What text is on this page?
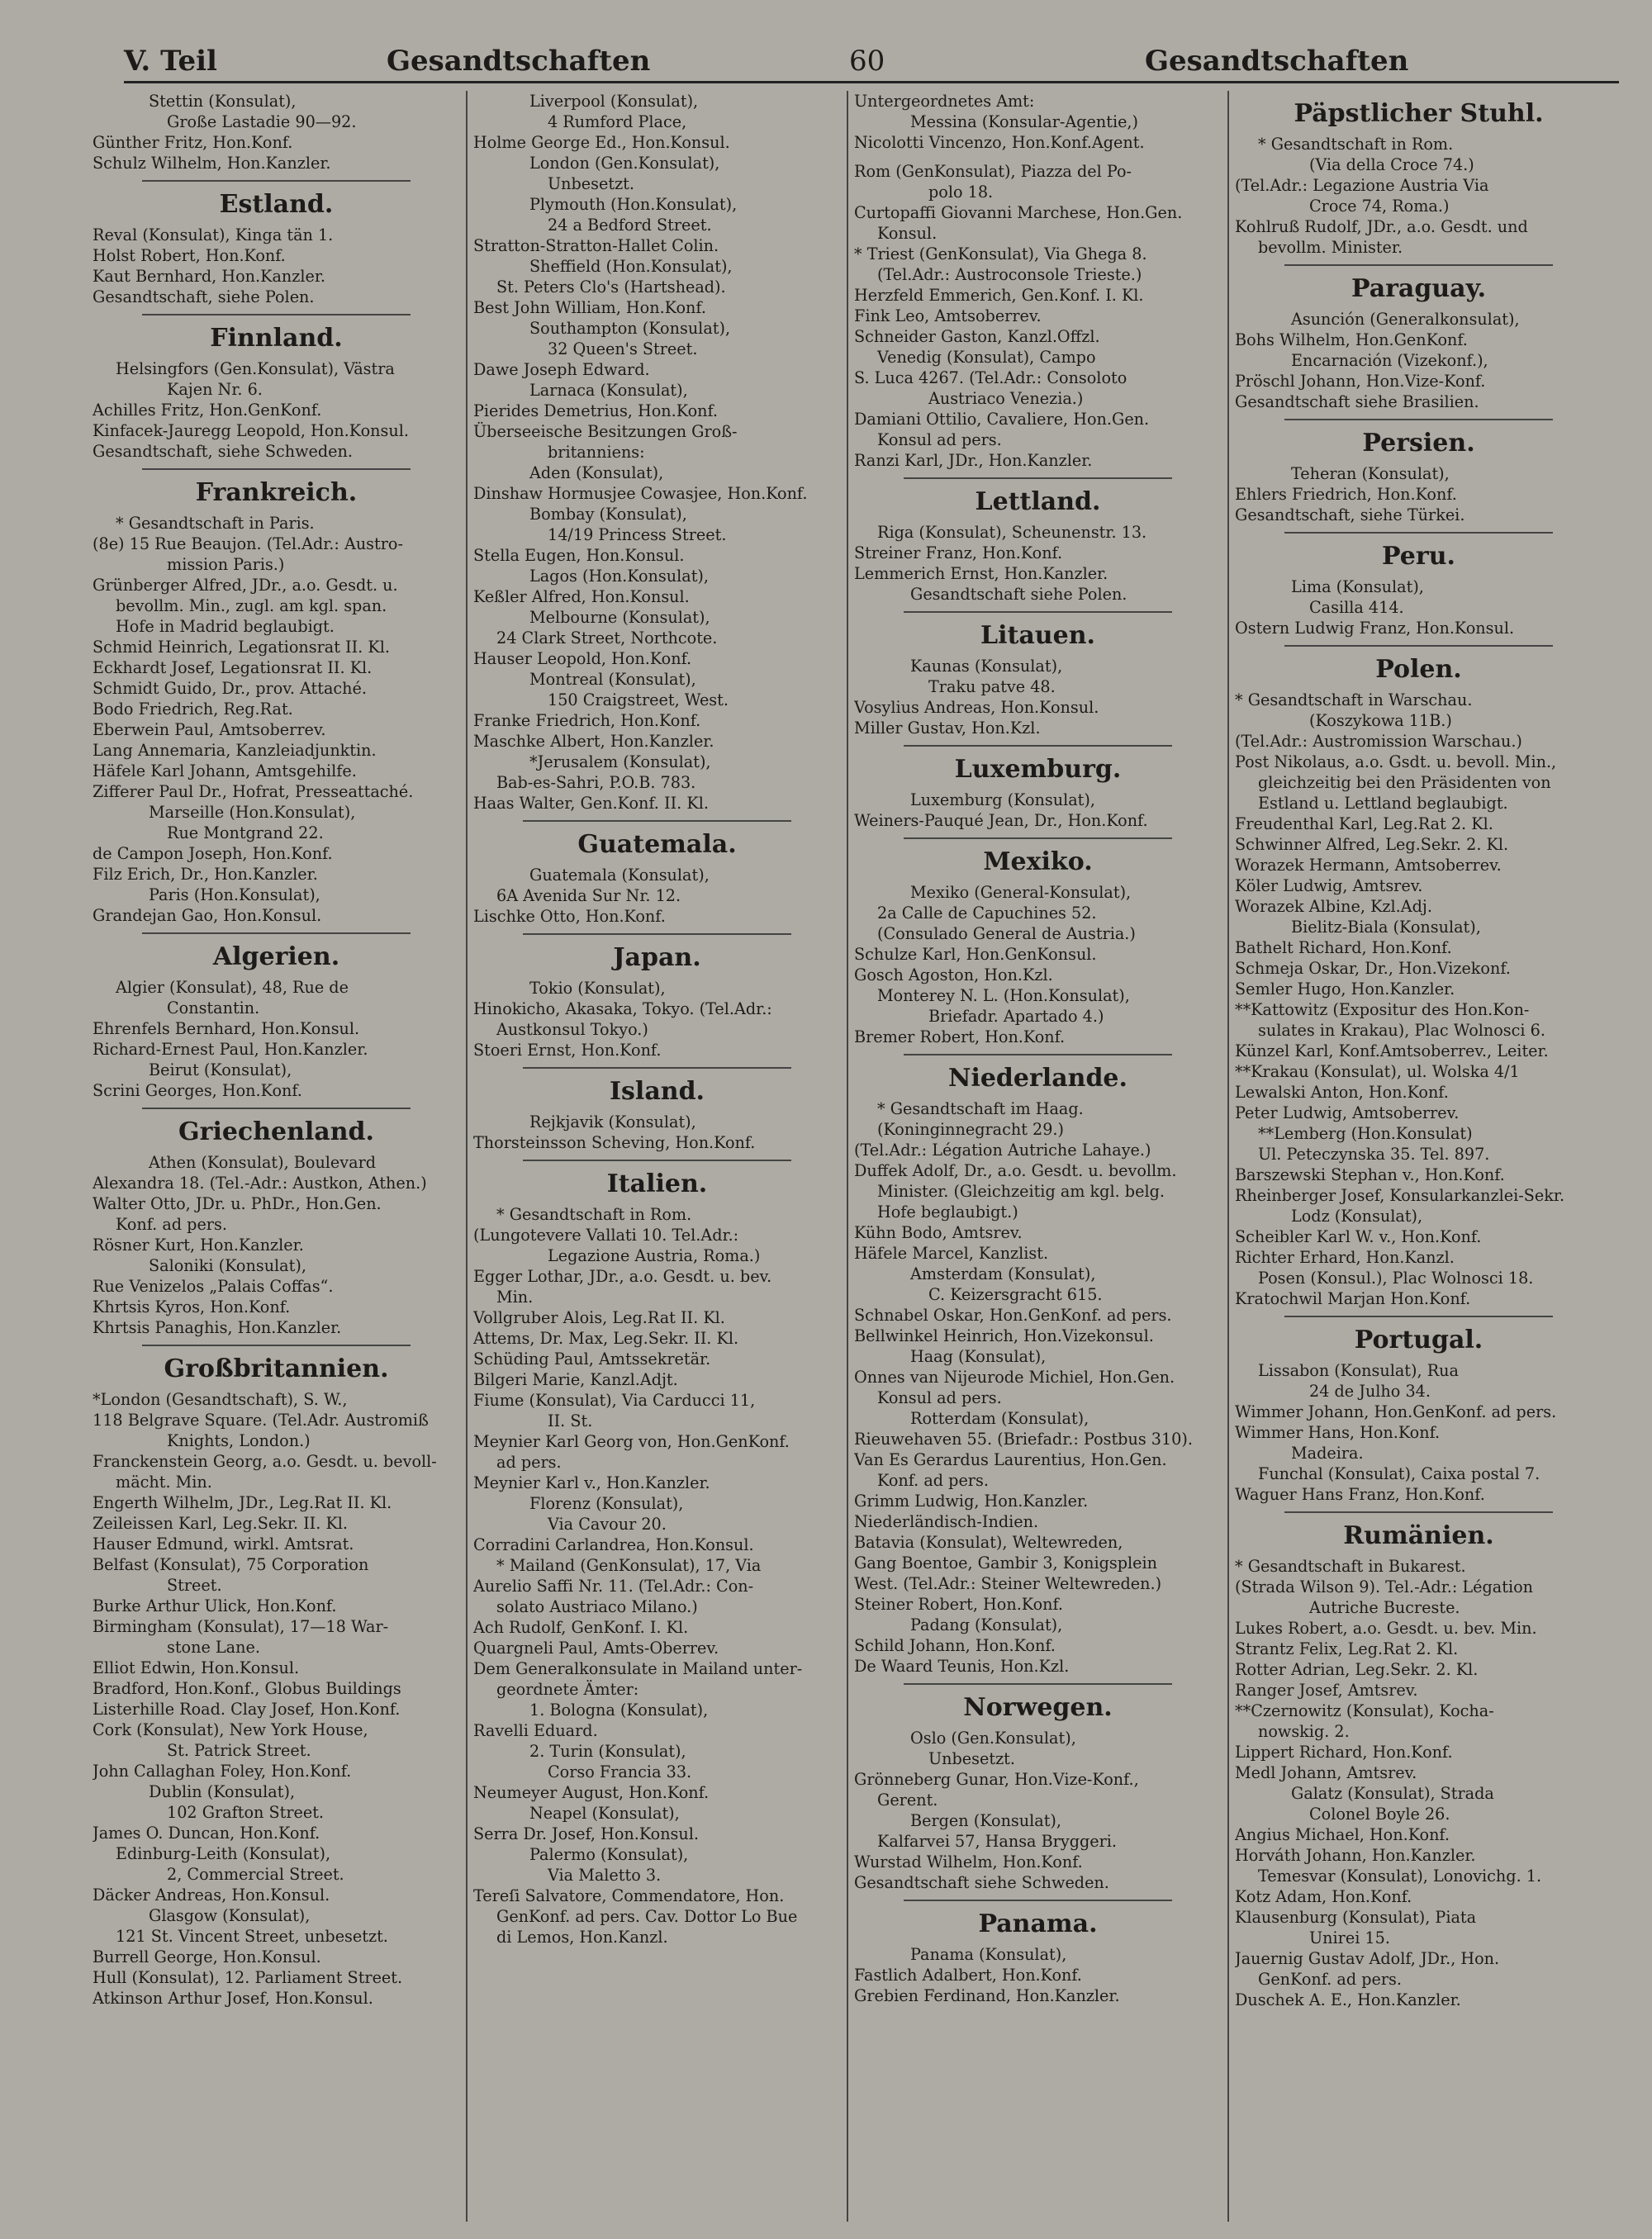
V. Teil	Gesandtschaften	60	Gesandtschaften
Stettin (Konsulat),
Große Lastadie 90—92.
Günther Fritz, Hon.Konf.
Schulz Wilhelm, Hon.Kanzler.
Estland.
Reval (Konsulat), Kinga tän 1.
Holst Robert, Hon.Konf.
Kaut Bernhard, Hon.Kanzler.
Gesandtschaft, siehe Polen.
Finnland.
Helsingfors (Gen.Konsulat), Västra
Kajen Nr. 6.
Achilles Fritz, Hon.GenKonf.
Kinfacek-Jauregg Leopold, Hon.Konsul.
Gesandtschaft, siehe Schweden.
Frankreich.
* Gesandtschaft in Paris.
(8e) 15 Rue Beaujon. (Tel.Adr.: Austro-
mission Paris.)
Grünberger Alfred, JDr., a.o. Gesdt. u.
bevollm. Min., zugl. am kgl. span.
Hofe in Madrid beglaubigt.
Schmid Heinrich, Legationsrat II. Kl.
Eckhardt Josef, Legationsrat II. Kl.
Schmidt Guido, Dr., prov. Attaché.
Bodo Friedrich, Reg.Rat.
Eberwein Paul, Amtsoberrev.
Lang Annemaria, Kanzleiadjunktin.
Häfele Karl Johann, Amtsgehilfe.
Zifferer Paul Dr., Hofrat, Presseattaché.
Marseille (Hon.Konsulat),
Rue Montgrand 22.
de Campon Joseph, Hon.Konf.
Filz Erich, Dr., Hon.Kanzler.
Paris (Hon.Konsulat),
Grandejan Gao, Hon.Konsul.
Algerien.
Algier (Konsulat), 48, Rue de
Constantin.
Ehrenfels Bernhard, Hon.Konsul.
Richard-Ernest Paul, Hon.Kanzler.
Beirut (Konsulat),
Scrini Georges, Hon.Konf.
Griechenland.
Athen (Konsulat), Boulevard
Alexandra 18. (Tel.-Adr.: Austkon, Athen.)
Walter Otto, JDr. u. PhDr., Hon.Gen.
Konf. ad pers.
Rösner Kurt, Hon.Kanzler.
Saloniki (Konsulat),
Rue Venizelos „Palais Coffas“.
Khrtsis Kyros, Hon.Konf.
Khrtsis Panaghis, Hon.Kanzler.
Großbritannien.
*London (Gesandtschaft), S. W.,
118 Belgrave Square. (Tel.Adr. Austromiß
Knights, London.)
Franckenstein Georg, a.o. Gesdt. u. bevoll-
mächt. Min.
Engerth Wilhelm, JDr., Leg.Rat II. Kl.
Zeileissen Karl, Leg.Sekr. II. Kl.
Hauser Edmund, wirkl. Amtsrat.
Belfast (Konsulat), 75 Corporation
Street.
Burke Arthur Ulick, Hon.Konf.
Birmingham (Konsulat), 17—18 War-
stone Lane.
Elliot Edwin, Hon.Konsul.
Bradford, Hon.Konf., Globus Buildings
Listerhille Road. Clay Josef, Hon.Konf.
Cork (Konsulat), New York House,
St. Patrick Street.
John Callaghan Foley, Hon.Konf.
Dublin (Konsulat),
102 Grafton Street.
James O. Duncan, Hon.Konf.
Edinburg-Leith (Konsulat),
2, Commercial Street.
Däcker Andreas, Hon.Konsul.
Glasgow (Konsulat),
121 St. Vincent Street, unbesetzt.
Burrell George, Hon.Konsul.
Hull (Konsulat), 12. Parliament Street.
Atkinson Arthur Josef, Hon.Konsul.
Liverpool (Konsulat),
4 Rumford Place,
Holme George Ed., Hon.Konsul.
London (Gen.Konsulat),
Unbesetzt.
Plymouth (Hon.Konsulat),
24 a Bedford Street.
Stratton-Stratton-Hallet Colin.
Sheffield (Hon.Konsulat),
St. Peters Clo's (Hartshead).
Best John William, Hon.Konf.
Southampton (Konsulat),
32 Queen's Street.
Dawe Joseph Edward.
Larnaca (Konsulat),
Pierides Demetrius, Hon.Konf.
Überseeische Besitzungen Groß-
britanniens:
Aden (Konsulat),
Dinshaw Hormusjee Cowasjee, Hon.Konf.
Bombay (Konsulat),
14/19 Princess Street.
Stella Eugen, Hon.Konsul.
Lagos (Hon.Konsulat),
Keßler Alfred, Hon.Konsul.
Melbourne (Konsulat),
24 Clark Street, Northcote.
Hauser Leopold, Hon.Konf.
Montreal (Konsulat),
150 Craigstreet, West.
Franke Friedrich, Hon.Konf.
Maschke Albert, Hon.Kanzler.
*Jerusalem (Konsulat),
Bab-es-Sahri, P.O.B. 783.
Haas Walter, Gen.Konf. II. Kl.
Guatemala.
Guatemala (Konsulat),
6A Avenida Sur Nr. 12.
Lischke Otto, Hon.Konf.
Japan.
Tokio (Konsulat),
Hinokicho, Akasaka, Tokyo. (Tel.Adr.:
Austkonsul Tokyo.)
Stoeri Ernst, Hon.Konf.
Island.
Rejkjavik (Konsulat),
Thorsteinsson Scheving, Hon.Konf.
Italien.
* Gesandtschaft in Rom.
(Lungotevere Vallati 10. Tel.Adr.:
Legazione Austria, Roma.)
Egger Lothar, JDr., a.o. Gesdt. u. bev.
Min.
Vollgruber Alois, Leg.Rat II. Kl.
Attems, Dr. Max, Leg.Sekr. II. Kl.
Schüding Paul, Amtssekretär.
Bilgeri Marie, Kanzl.Adjt.
Fiume (Konsulat), Via Carducci 11,
II. St.
Meynier Karl Georg von, Hon.GenKonf.
ad pers.
Meynier Karl v., Hon.Kanzler.
Florenz (Konsulat),
Via Cavour 20.
Corradini Carlandrea, Hon.Konsul.
* Mailand (GenKonsulat), 17, Via
Aurelio Saffi Nr. 11. (Tel.Adr.: Con-
solato Austriaco Milano.)
Ach Rudolf, GenKonf. I. Kl.
Quargneli Paul, Amts-Oberrev.
Dem Generalkonsulate in Mailand unter-
geordnete Ämter:
1. Bologna (Konsulat),
Ravelli Eduard.
2. Turin (Konsulat),
Corso Francia 33.
Neumeyer August, Hon.Konf.
Neapel (Konsulat),
Serra Dr. Josef, Hon.Konsul.
Palermo (Konsulat),
Via Maletto 3.
Tereſi Salvatore, Commendatore, Hon.
GenKonf. ad pers. Cav. Dottor Lo Bue
di Lemos, Hon.Kanzl.
Untergeordnetes Amt:
Messina (Konsular-Agentie,)
Nicolotti Vincenzo, Hon.Konf.Agent.
Rom (GenKonsulat), Piazza del Po-
polo 18.
Curtopaffi Giovanni Marchese, Hon.Gen.
Konsul.
* Triest (GenKonsulat), Via Ghega 8.
(Tel.Adr.: Austroconsole Trieste.)
Herzfeld Emmerich, Gen.Konf. I. Kl.
Fink Leo, Amtsoberrev.
Schneider Gaston, Kanzl.Offzl.
Venedig (Konsulat), Campo
S. Luca 4267. (Tel.Adr.: Consoloto
Austriaco Venezia.)
Damiani Ottilio, Cavaliere, Hon.Gen.
Konsul ad pers.
Ranzi Karl, JDr., Hon.Kanzler.
Lettland.
Riga (Konsulat), Scheunenstr. 13.
Streiner Franz, Hon.Konf.
Lemmerich Ernst, Hon.Kanzler.
Gesandtschaft siehe Polen.
Litauen.
Kaunas (Konsulat),
Traku patve 48.
Vosylius Andreas, Hon.Konsul.
Miller Gustav, Hon.Kzl.
Luxemburg.
Luxemburg (Konsulat),
Weiners-Pauqué Jean, Dr., Hon.Konf.
Mexiko.
Mexiko (General-Konsulat),
2a Calle de Capuchines 52.
(Consulado General de Austria.)
Schulze Karl, Hon.GenKonsul.
Gosch Agoston, Hon.Kzl.
Monterey N. L. (Hon.Konsulat),
Briefadr. Apartado 4.)
Bremer Robert, Hon.Konf.
Niederlande.
* Gesandtschaft im Haag.
(Koninginnegracht 29.)
(Tel.Adr.: Légation Autriche Lahaye.)
Duffek Adolf, Dr., a.o. Gesdt. u. bevollm.
Minister. (Gleichzeitig am kgl. belg.
Hofe beglaubigt.)
Kühn Bodo, Amtsrev.
Häfele Marcel, Kanzlist.
Amsterdam (Konsulat),
C. Keizersgracht 615.
Schnabel Oskar, Hon.GenKonf. ad pers.
Bellwinkel Heinrich, Hon.Vizekonsul.
Haag (Konsulat),
Onnes van Nijeurode Michiel, Hon.Gen.
Konsul ad pers.
Rotterdam (Konsulat),
Rieuwehaven 55. (Briefadr.: Postbus 310).
Van Es Gerardus Laurentius, Hon.Gen.
Konf. ad pers.
Grimm Ludwig, Hon.Kanzler.
Niederländisch-Indien.
Batavia (Konsulat), Weltewreden,
Gang Boentoe, Gambir 3, Konigsplein
West. (Tel.Adr.: Steiner Weltewreden.)
Steiner Robert, Hon.Konf.
Padang (Konsulat),
Schild Johann, Hon.Konf.
De Waard Teunis, Hon.Kzl.
Norwegen.
Oslo (Gen.Konsulat),
Unbesetzt.
Grönneberg Gunar, Hon.Vize-Konf.,
Gerent.
Bergen (Konsulat),
Kalfarvei 57, Hansa Bryggeri.
Wurstad Wilhelm, Hon.Konf.
Gesandtschaft siehe Schweden.
Panama.
Panama (Konsulat),
Fastlich Adalbert, Hon.Konf.
Grebien Ferdinand, Hon.Kanzler.
Päpstlicher Stuhl.
* Gesandtschaft in Rom.
(Via della Croce 74.)
(Tel.Adr.: Legazione Austria Via
Croce 74, Roma.)
Kohlruß Rudolf, JDr., a.o. Gesdt. und
bevollm. Minister.
Paraguay.
Asunción (Generalkonsulat),
Bohs Wilhelm, Hon.GenKonf.
Encarnación (Vizekonf.),
Pröschl Johann, Hon.Vize-Konf.
Gesandtschaft siehe Brasilien.
Persien.
Teheran (Konsulat),
Ehlers Friedrich, Hon.Konf.
Gesandtschaft, siehe Türkei.
Peru.
Lima (Konsulat),
Casilla 414.
Ostern Ludwig Franz, Hon.Konsul.
Polen.
* Gesandtschaft in Warschau.
(Koszykowa 11B.)
(Tel.Adr.: Austromission Warschau.)
Post Nikolaus, a.o. Gsdt. u. bevoll. Min.,
gleichzeitig bei den Präsidenten von
Estland u. Lettland beglaubigt.
Freudenthal Karl, Leg.Rat 2. Kl.
Schwinner Alfred, Leg.Sekr. 2. Kl.
Worazek Hermann, Amtsoberrev.
Köler Ludwig, Amtsrev.
Worazek Albine, Kzl.Adj.
Bielitz-Biala (Konsulat),
Bathelt Richard, Hon.Konf.
Schmeja Oskar, Dr., Hon.Vizekonf.
Semler Hugo, Hon.Kanzler.
**Kattowitz (Expositur des Hon.Kon-
sulates in Krakau), Plac Wolnosci 6.
Künzel Karl, Konf.Amtsoberrev., Leiter.
**Krakau (Konsulat), ul. Wolska 4/1
Lewalski Anton, Hon.Konf.
Peter Ludwig, Amtsoberrev.
**Lemberg (Hon.Konsulat)
Ul. Peteczynska 35. Tel. 897.
Barszewski Stephan v., Hon.Konf.
Rheinberger Josef, Konsularkanzlei-Sekr.
Lodz (Konsulat),
Scheibler Karl W. v., Hon.Konf.
Richter Erhard, Hon.Kanzl.
Posen (Konsul.), Plac Wolnosci 18.
Kratochwil Marjan Hon.Konf.
Portugal.
Lissabon (Konsulat), Rua
24 de Julho 34.
Wimmer Johann, Hon.GenKonf. ad pers.
Wimmer Hans, Hon.Konf.
Madeira.
Funchal (Konsulat), Caixa postal 7.
Waguer Hans Franz, Hon.Konf.
Rumänien.
* Gesandtschaft in Bukarest.
(Strada Wilson 9). Tel.-Adr.: Légation
Autriche Bucreste.
Lukes Robert, a.o. Gesdt. u. bev. Min.
Strantz Felix, Leg.Rat 2. Kl.
Rotter Adrian, Leg.Sekr. 2. Kl.
Ranger Josef, Amtsrev.
**Czernowitz (Konsulat), Kocha-
nowskig. 2.
Lippert Richard, Hon.Konf.
Medl Johann, Amtsrev.
Galatz (Konsulat), Strada
Colonel Boyle 26.
Angius Michael, Hon.Konf.
Horváth Johann, Hon.Kanzler.
Temesvar (Konsulat), Lonovichg. 1.
Kotz Adam, Hon.Konf.
Klausenburg (Konsulat), Piata
Unirei 15.
Jauernig Gustav Adolf, JDr., Hon.
GenKonf. ad pers.
Duschek A. E., Hon.Kanzler.
